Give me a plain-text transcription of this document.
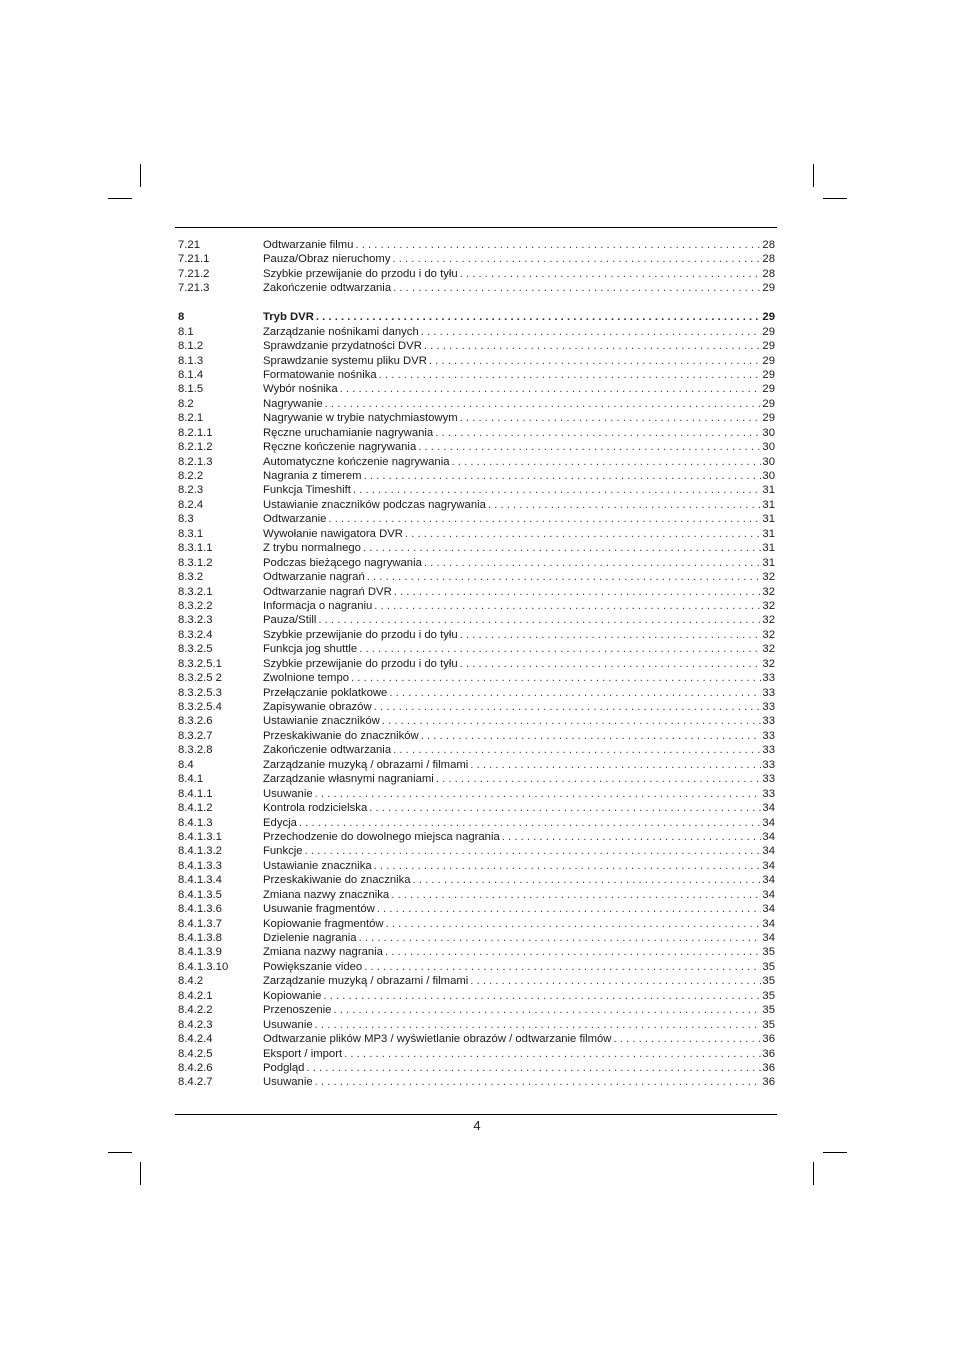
7.21	Odtwarzanie filmu . . .	28
7.21.1	Pauza/Obraz nieruchomy . . .	28
7.21.2	Szybkie przewijanie do przodu i do tyłu . . .	28
7.21.3	Zakończenie odtwarzania . . .	29
8	Tryb DVR . . .	29
8.1	Zarządzanie nośnikami danych . . .	29
8.1.2	Sprawdzanie przydatności DVR . . .	29
8.1.3	Sprawdzanie systemu pliku DVR . . .	29
8.1.4	Formatowanie nośnika . . .	29
8.1.5	Wybór nośnika . . .	29
8.2	Nagrywanie . . .	29
8.2.1	Nagrywanie w trybie natychmiastowym . . .	29
8.2.1.1	Ręczne uruchamianie nagrywania . . .	30
8.2.1.2	Ręczne kończenie nagrywania . . .	30
8.2.1.3	Automatyczne kończenie nagrywania . . .	30
8.2.2	Nagrania z timerem . . .	30
8.2.3	Funkcja Timeshift . . .	31
8.2.4	Ustawianie znaczników podczas nagrywania . . .	31
8.3	Odtwarzanie . . .	31
8.3.1	Wywołanie nawigatora DVR . . .	31
8.3.1.1	Z trybu normalnego . . .	31
8.3.1.2	Podczas bieżącego nagrywania . . .	31
8.3.2	Odtwarzanie nagrań . . .	32
8.3.2.1	Odtwarzanie nagrań DVR . . .	32
8.3.2.2	Informacja o nagraniu . . .	32
8.3.2.3	Pauza/Still . . .	32
8.3.2.4	Szybkie przewijanie do przodu i do tyłu . . .	32
8.3.2.5	Funkcja jog shuttle . . .	32
8.3.2.5.1	Szybkie przewijanie do przodu i do tyłu . . .	32
8.3.2.5 2	Zwolnione tempo . . .	33
8.3.2.5.3	Przełączanie poklatkowe . . .	33
8.3.2.5.4	Zapisywanie obrazów . . .	33
8.3.2.6	Ustawianie znaczników . . .	33
8.3.2.7	Przeskakiwanie do znaczników . . .	33
8.3.2.8	Zakończenie odtwarzania . . .	33
8.4	Zarządzanie muzyką / obrazami / filmami . . .	33
8.4.1	Zarządzanie własnymi nagraniami . . .	33
8.4.1.1	Usuwanie . . .	33
8.4.1.2	Kontrola rodzicielska . . .	34
8.4.1.3	Edycja . . .	34
8.4.1.3.1	Przechodzenie do dowolnego miejsca nagrania . . .	34
8.4.1.3.2	Funkcje . . .	34
8.4.1.3.3	Ustawianie znacznika . . .	34
8.4.1.3.4	Przeskakiwanie do znacznika . . .	34
8.4.1.3.5	Zmiana nazwy znacznika . . .	34
8.4.1.3.6	Usuwanie fragmentów . . .	34
8.4.1.3.7	Kopiowanie fragmentów . . .	34
8.4.1.3.8	Dzielenie nagrania . . .	34
8.4.1.3.9	Zmiana nazwy nagrania . . .	35
8.4.1.3.10	Powiększanie video . . .	35
8.4.2	Zarządzanie muzyką / obrazami / filmami . . .	35
8.4.2.1	Kopiowanie . . .	35
8.4.2.2	Przenoszenie . . .	35
8.4.2.3	Usuwanie . . .	35
8.4.2.4	Odtwarzanie plików MP3 / wyświetlanie obrazów / odtwarzanie filmów . . .	36
8.4.2.5	Eksport / import . . .	36
8.4.2.6	Podgląd . . .	36
8.4.2.7	Usuwanie . . .	36
4
